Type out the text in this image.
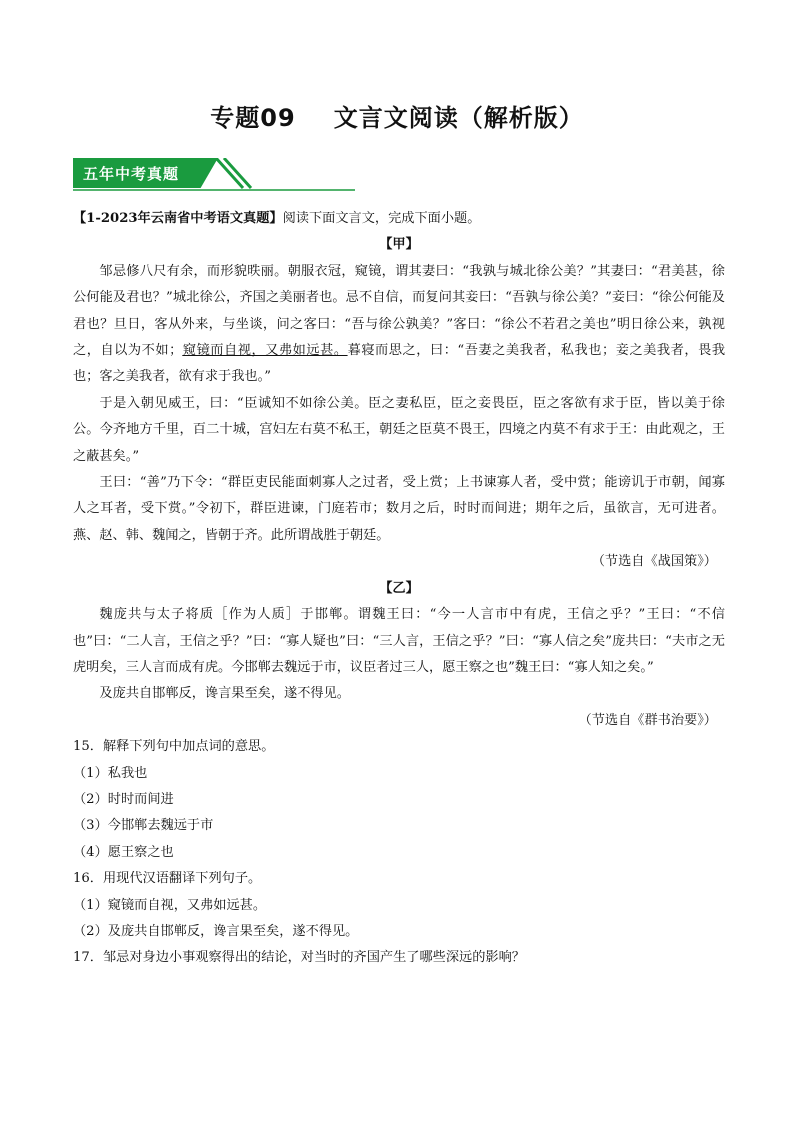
专题09 文言文阅读（解析版）
五年中考真题

【1-2023年云南省中考语文真题】阅读下面文言文，完成下面小题。

【甲】

邹忌修八尺有余，而形貌昳丽。朝服衣冠，窥镜，谓其妻曰：“我孰与城北徐公美？”其妻曰：“君美甚，徐公何能及君也？”城北徐公，齐国之美丽者也。忌不自信，而复问其妾曰：“吾孰与徐公美？”妾曰：“徐公何能及君也？旦日，客从外来，与坐谈，问之客曰：“吾与徐公孰美？”客曰：“徐公不若君之美也”明日徐公来，孰视之，自以为不如；窥镜而自视，又弗如远甚。暮寝而思之，曰：“吾妻之美我者，私我也；妾之美我者，畏我也；客之美我者，欲有求于我也。”

于是入朝见威王，曰：“臣诚知不如徐公美。臣之妻私臣，臣之妾畏臣，臣之客欲有求于臣，皆以美于徐公。今齐地方千里，百二十城，宫妇左右莫不私王，朝廷之臣莫不畏王，四境之内莫不有求于王：由此观之，王之蔽甚矣。”

王曰：“善”乃下令：“群臣吏民能面刺寡人之过者，受上赏；上书谏寡人者，受中赏；能谤讥于市朝，闻寡人之耳者，受下赏。”令初下，群臣进谏，门庭若市；数月之后，时时而间进；期年之后，虽欲言，无可进者。燕、赵、韩、魏闻之，皆朝于齐。此所谓战胜于朝廷。

（节选自《战国策》）

【乙】

魏庞共与太子将质［作为人质］于邯郸。谓魏王曰：“今一人言市中有虎，王信之乎？”王曰：“不信也”曰：“二人言，王信之乎？”曰：“寡人疑也”曰：“三人言，王信之乎？”曰：“寡人信之矣”庞共曰：“夫市之无虎明矣，三人言而成有虎。今邯郸去魏远于市，议臣者过三人，愿王察之也”魏王曰：“寡人知之矣。”

及庞共自邯郸反，谗言果至矣，遂不得见。

（节选自《群书治要》）

15．解释下列句中加点词的意思。

（1）私我也

（2）时时而间进

（3）今邯郸去魏远于市

（4）愿王察之也

16．用现代汉语翻译下列句子。

（1）窥镜而自视，又弗如远甚。

（2）及庞共自邯郸反，谗言果至矣，遂不得见。

17．邹忌对身边小事观察得出的结论，对当时的齐国产生了哪些深远的影响？
